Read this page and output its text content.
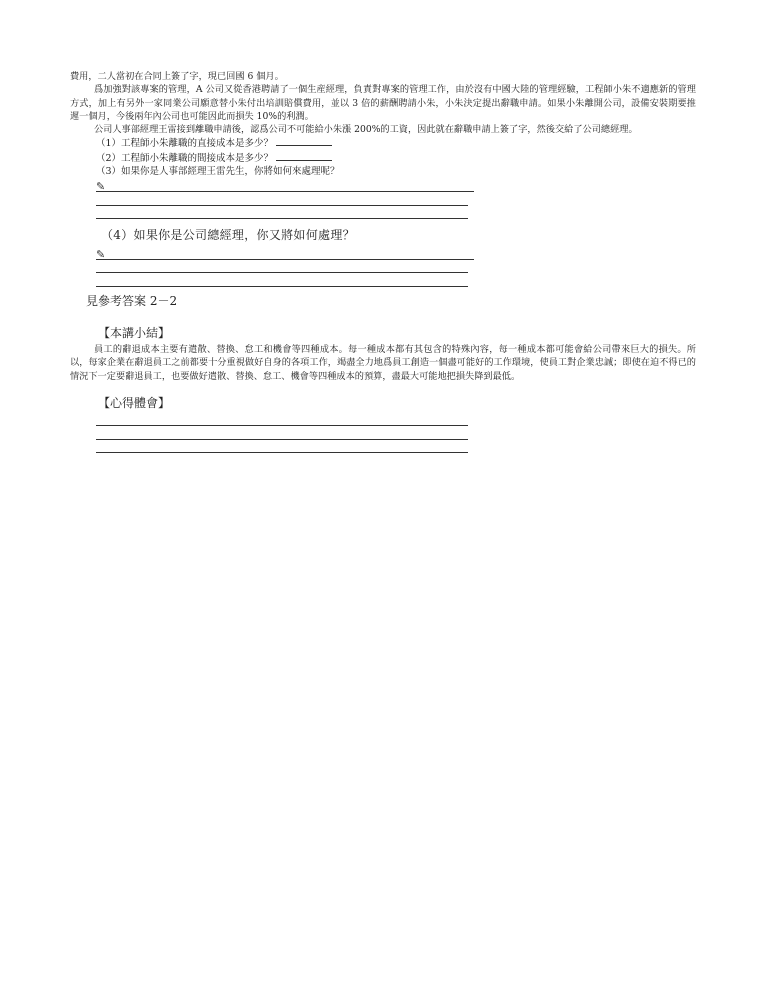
費用，二人當初在合同上簽了字，現已回國 6 個月。

爲加強對該專案的管理，A 公司又從香港聘請了一個生産經理，負責對專案的管理工作，由於沒有中國大陸的管理經驗，工程師小朱不適應新的管理方式，加上有另外一家同業公司願意替小朱付出培訓賠償費用，並以 3 倍的薪酬聘請小朱，小朱決定提出辭職申請。如果小朱離開公司，設備安裝期要推遲一個月，今後兩年內公司也可能因此而損失 10%的利潤。

公司人事部經理王雷接到離職申請後，認爲公司不可能給小朱漲 200%的工資，因此就在辭職申請上簽了字，然後交給了公司總經理。

（1）工程師小朱離職的直接成本是多少？

（2）工程師小朱離職的間接成本是多少？

（3）如果你是人事部經理王雷先生，你將如何來處理呢？

✎

（4）如果你是公司總經理，你又將如何處理？

✎

見參考答案 2－2

【本講小結】

員工的辭退成本主要有遣散、替換、怠工和機會等四種成本。每一種成本都有其包含的特殊內容，每一種成本都可能會給公司帶來巨大的損失。所以，每家企業在辭退員工之前都要十分重視做好自身的各項工作，竭盡全力地爲員工創造一個盡可能好的工作環境，使員工對企業忠誠；即使在迫不得已的情況下一定要辭退員工，也要做好遣散、替換、怠工、機會等四種成本的預算，盡最大可能地把損失降到最低。

【心得體會】
